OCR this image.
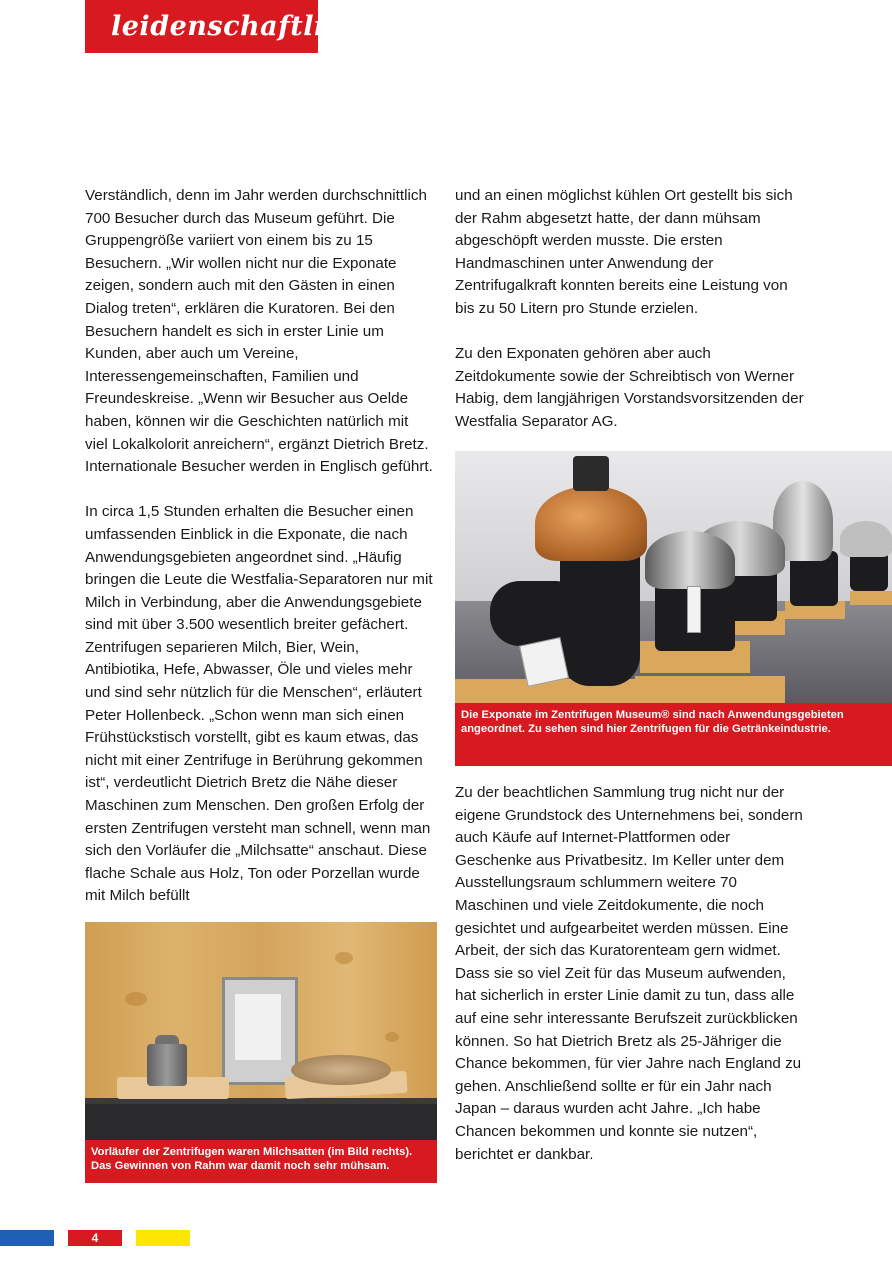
leidenschaftlich

Verständlich, denn im Jahr werden durchschnittlich 700 Besucher durch das Museum geführt. Die Gruppengröße variiert von einem bis zu 15 Besuchern. „Wir wollen nicht nur die Exponate zeigen, sondern auch mit den Gästen in einen Dialog treten“, erklären die Kuratoren. Bei den Besuchern handelt es sich in erster Linie um Kunden, aber auch um Vereine, Interessengemeinschaften, Familien und Freundeskreise. „Wenn wir Besucher aus Oelde haben, können wir die Geschichten natürlich mit viel Lokalkolorit anreichern“, ergänzt Dietrich Bretz. Internationale Besucher werden in Englisch geführt.

In circa 1,5 Stunden erhalten die Besucher einen umfassenden Einblick in die Exponate, die nach Anwendungsgebieten angeordnet sind. „Häufig bringen die Leute die Westfalia-Separatoren nur mit Milch in Verbindung, aber die Anwendungsgebiete sind mit über 3.500 wesentlich breiter gefächert. Zentrifugen separieren Milch, Bier, Wein, Antibiotika, Hefe, Abwasser, Öle und vieles mehr und sind sehr nützlich für die Menschen“, erläutert Peter Hollenbeck. „Schon wenn man sich einen Frühstückstisch vorstellt, gibt es kaum etwas, das nicht mit einer Zentrifuge in Berührung gekommen ist“, verdeutlicht Dietrich Bretz die Nähe dieser Maschinen zum Menschen. Den großen Erfolg der ersten Zentrifugen versteht man schnell, wenn man sich den Vorläufer die „Milchsatte“ anschaut. Diese flache Schale aus Holz, Ton oder Porzellan wurde mit Milch befüllt

und an einen möglichst kühlen Ort gestellt bis sich der Rahm abgesetzt hatte, der dann mühsam abgeschöpft werden musste. Die ersten Handmaschinen unter Anwendung der Zentrifugalkraft konnten bereits eine Leistung von bis zu 50 Litern pro Stunde erzielen.

Zu den Exponaten gehören aber auch Zeitdokumente sowie der Schreibtisch von Werner Habig, dem langjährigen Vorstandsvorsitzenden der Westfalia Separator AG.

Die Exponate im Zentrifugen Museum® sind nach Anwendungsgebieten angeordnet. Zu sehen sind hier Zentrifugen für die Getränkeindustrie.

Zu der beachtlichen Sammlung trug nicht nur der eigene Grundstock des Unternehmens bei, sondern auch Käufe auf Internet-Plattformen oder Geschenke aus Privatbesitz. Im Keller unter dem Ausstellungsraum schlummern weitere 70 Maschinen und viele Zeitdokumente, die noch gesichtet und aufgearbeitet werden müssen. Eine Arbeit, der sich das Kuratorenteam gern widmet. Dass sie so viel Zeit für das Museum aufwenden, hat sicherlich in erster Linie damit zu tun, dass alle auf eine sehr interessante Berufszeit zurückblicken können. So hat Dietrich Bretz als 25-Jähriger die Chance bekommen, für vier Jahre nach England zu gehen. Anschließend sollte er für ein Jahr nach Japan – daraus wurden acht Jahre. „Ich habe Chancen bekommen und konnte sie nutzen“, berichtet er dankbar.

Vorläufer der Zentrifugen waren Milchsatten (im Bild rechts). Das Gewinnen von Rahm war damit noch sehr mühsam.
4
